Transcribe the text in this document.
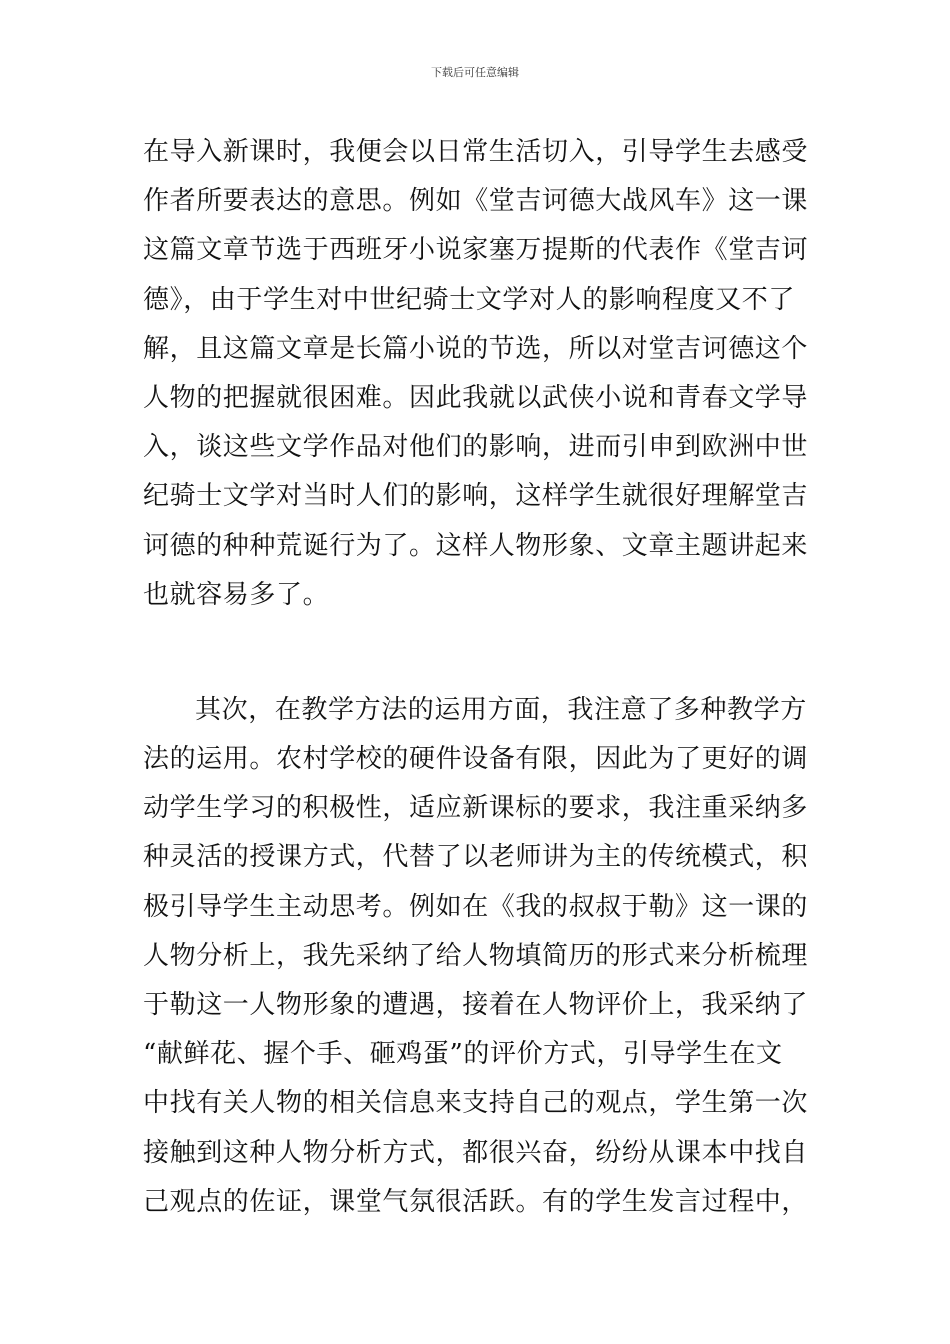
下载后可任意编辑
在导入新课时，我便会以日常生活切入，引导学生去感受
作者所要表达的意思。例如《堂吉诃德大战风车》这一课
这篇文章节选于西班牙小说家塞万提斯的代表作《堂吉诃
德》，由于学生对中世纪骑士文学对人的影响程度又不了
解，且这篇文章是长篇小说的节选，所以对堂吉诃德这个
人物的把握就很困难。因此我就以武侠小说和青春文学导
入，谈这些文学作品对他们的影响，进而引申到欧洲中世
纪骑士文学对当时人们的影响，这样学生就很好理解堂吉
诃德的种种荒诞行为了。这样人物形象、文章主题讲起来
也就容易多了。
其次，在教学方法的运用方面，我注意了多种教学方
法的运用。农村学校的硬件设备有限，因此为了更好的调
动学生学习的积极性，适应新课标的要求，我注重采纳多
种灵活的授课方式，代替了以老师讲为主的传统模式，积
极引导学生主动思考。例如在《我的叔叔于勒》这一课的
人物分析上，我先采纳了给人物填简历的形式来分析梳理
于勒这一人物形象的遭遇，接着在人物评价上，我采纳了
“献鲜花、握个手、砸鸡蛋”的评价方式，引导学生在文
中找有关人物的相关信息来支持自己的观点，学生第一次
接触到这种人物分析方式，都很兴奋，纷纷从课本中找自
己观点的佐证，课堂气氛很活跃。有的学生发言过程中，
